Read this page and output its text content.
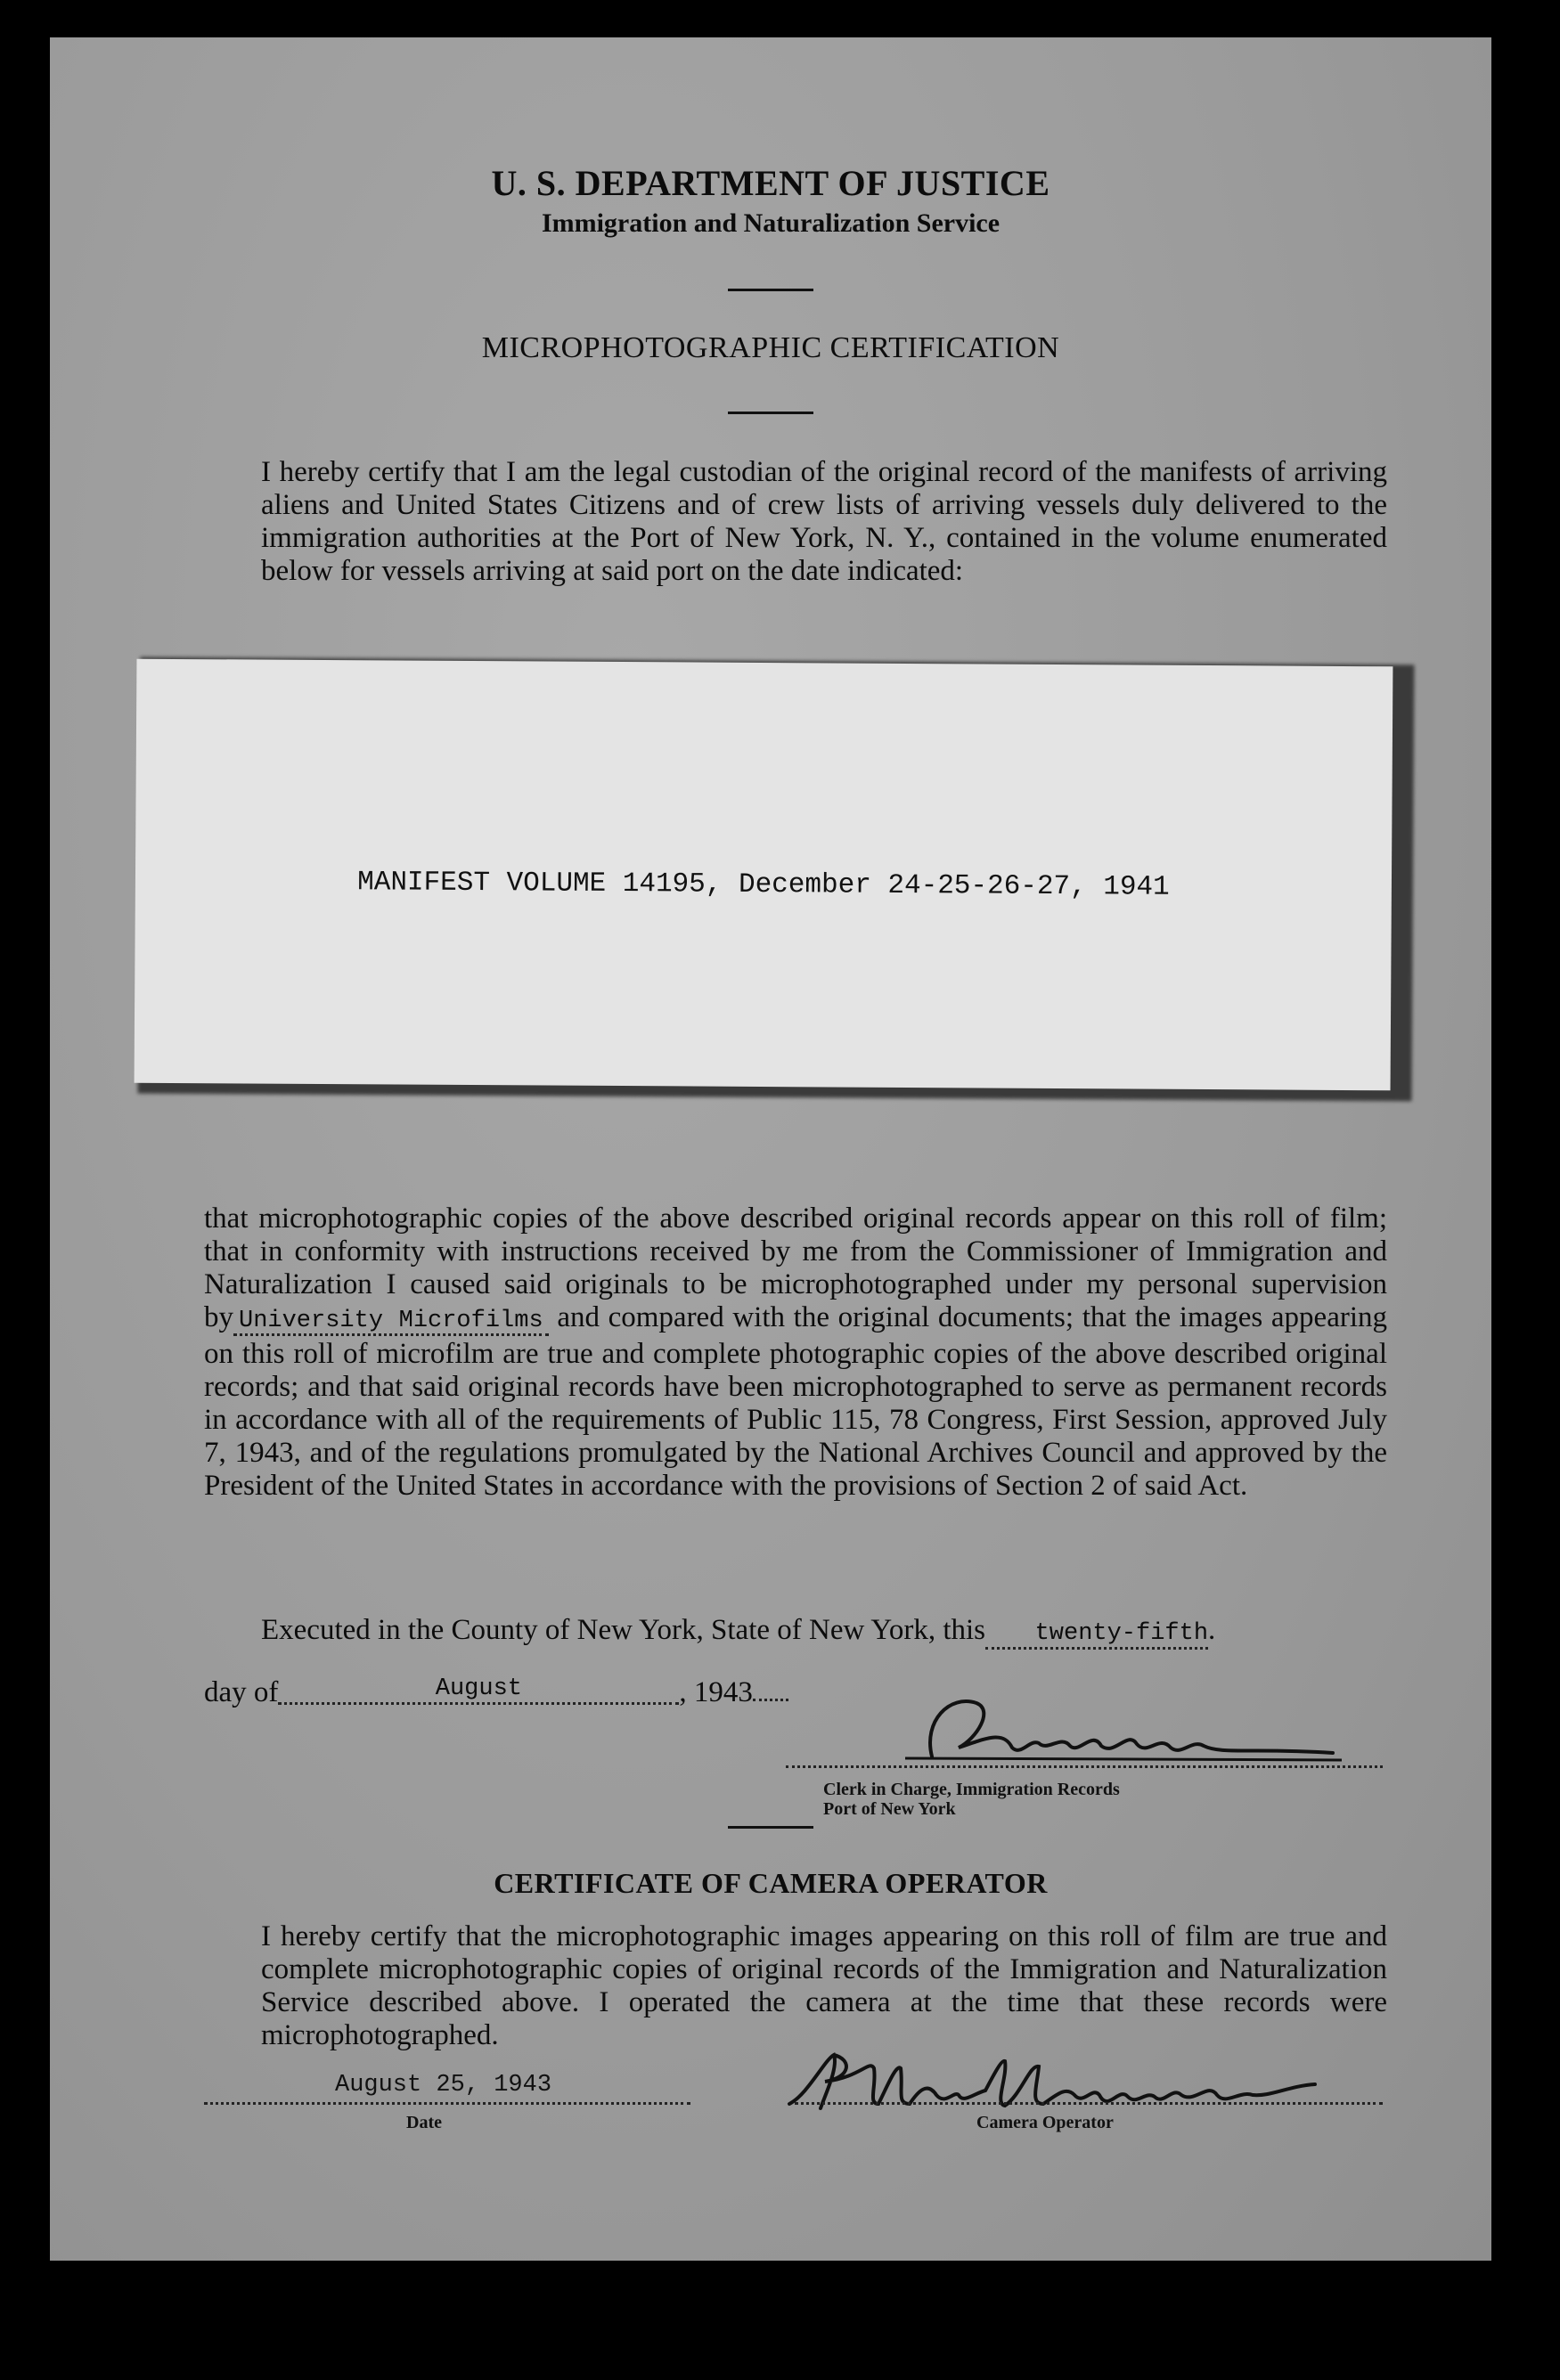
U. S. DEPARTMENT OF JUSTICE
Immigration and Naturalization Service
MICROPHOTOGRAPHIC CERTIFICATION
I hereby certify that I am the legal custodian of the original record of the manifests of arriving aliens and United States Citizens and of crew lists of arriving vessels duly delivered to the immigration authorities at the Port of New York, N. Y., contained in the volume enumerated below for vessels arriving at said port on the date indicated:
MANIFEST VOLUME 14195, December 24-25-26-27, 1941
that microphotographic copies of the above described original records appear on this roll of film; that in conformity with instructions received by me from the Commissioner of Immigration and Naturalization I caused said originals to be microphotographed under my personal supervision by University Microfilms and compared with the original documents; that the images appearing on this roll of microfilm are true and complete photographic copies of the above described original records; and that said original records have been microphotographed to serve as permanent records in accordance with all of the requirements of Public 115, 78 Congress, First Session, approved July 7, 1943, and of the regulations promulgated by the National Archives Council and approved by the President of the United States in accordance with the provisions of Section 2 of said Act.
Executed in the County of New York, State of New York, this twenty-fifth.
day of	August	, 1943
Clerk in Charge, Immigration Records
Port of New York
CERTIFICATE OF CAMERA OPERATOR
I hereby certify that the microphotographic images appearing on this roll of film are true and complete microphotographic copies of original records of the Immigration and Naturalization Service described above. I operated the camera at the time that these records were microphotographed.
August 25, 1943
Date	Camera Operator
